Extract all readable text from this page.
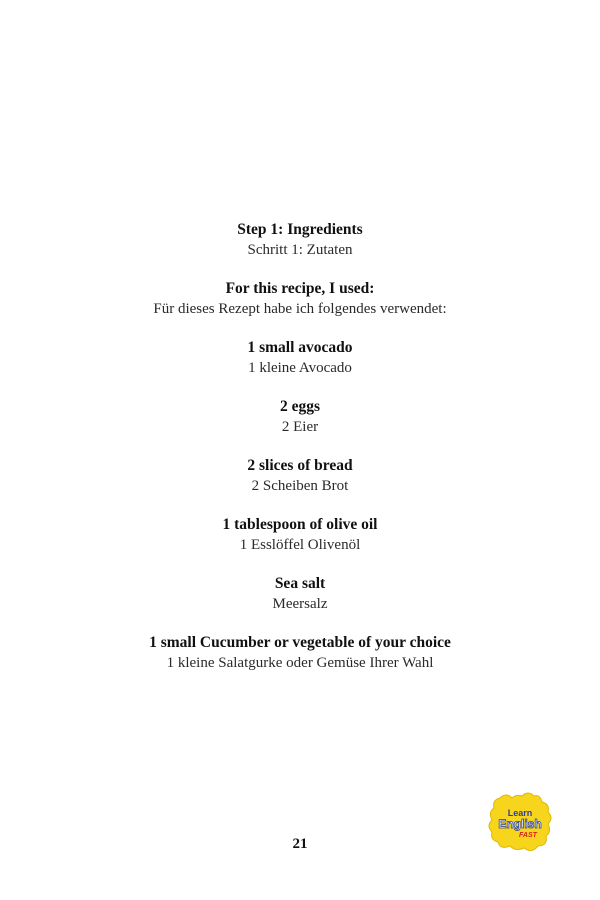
Step 1: Ingredients
Schritt 1: Zutaten
For this recipe, I used:
Für dieses Rezept habe ich folgendes verwendet:
1 small avocado
1 kleine Avocado
2 eggs
2 Eier
2 slices of bread
2 Scheiben Brot
1 tablespoon of olive oil
1 Esslöffel Olivenöl
Sea salt
Meersalz
1 small Cucumber or vegetable of your choice
1 kleine Salatgurke oder Gemüse Ihrer Wahl
21
Learn
English
FAST
